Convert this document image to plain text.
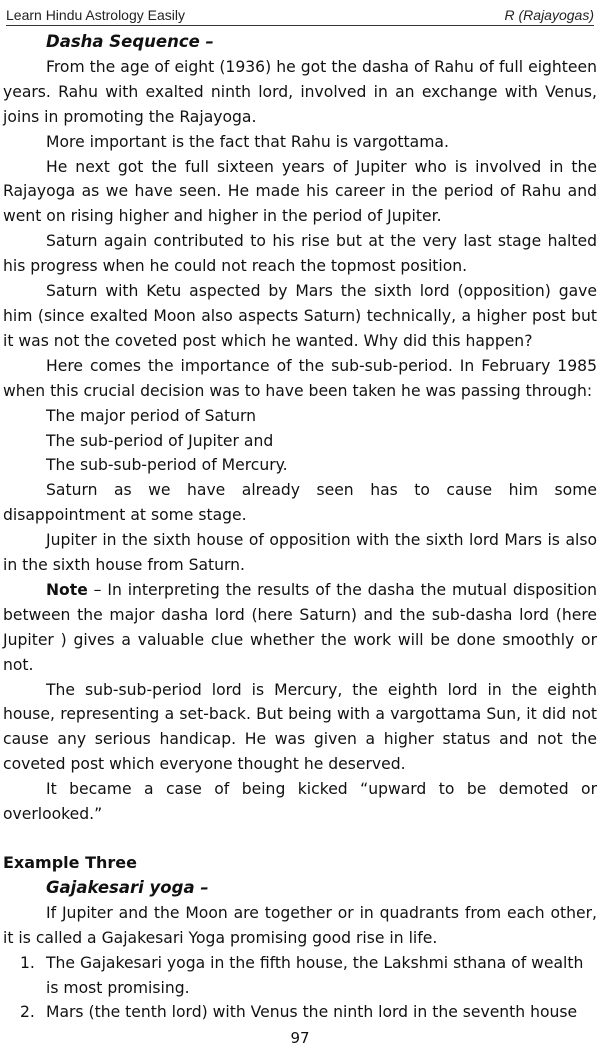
Learn Hindu Astrology Easily	R (Rajayogas)

Dasha Sequence –

From the age of eight (1936) he got the dasha of Rahu of full eighteen years. Rahu with exalted ninth lord, involved in an exchange with Venus, joins in promoting the Rajayoga.

More important is the fact that Rahu is vargottama.

He next got the full sixteen years of Jupiter who is involved in the Rajayoga as we have seen. He made his career in the period of Rahu and went on rising higher and higher in the period of Jupiter.

Saturn again contributed to his rise but at the very last stage halted his progress when he could not reach the topmost position.

Saturn with Ketu aspected by Mars the sixth lord (opposition) gave him (since exalted Moon also aspects Saturn) technically, a higher post but it was not the coveted post which he wanted. Why did this happen?

Here comes the importance of the sub-sub-period. In February 1985 when this crucial decision was to have been taken he was passing through:

The major period of Saturn

The sub-period of Jupiter and

The sub-sub-period of Mercury.

Saturn as we have already seen has to cause him some disappointment at some stage.

Jupiter in the sixth house of opposition with the sixth lord Mars is also in the sixth house from Saturn.

Note – In interpreting the results of the dasha the mutual disposition between the major dasha lord (here Saturn) and the sub-dasha lord (here Jupiter ) gives a valuable clue whether the work will be done smoothly or not.

The sub-sub-period lord is Mercury, the eighth lord in the eighth house, representing a set-back. But being with a vargottama Sun, it did not cause any serious handicap. He was given a higher status and not the coveted post which everyone thought he deserved.

It became a case of being kicked “upward to be demoted or overlooked.”

Example Three

Gajakesari yoga –

If Jupiter and the Moon are together or in quadrants from each other, it is called a Gajakesari Yoga promising good rise in life.

1. The Gajakesari yoga in the fifth house, the Lakshmi sthana of wealth is most promising.
2. Mars (the tenth lord) with Venus the ninth lord in the seventh house
97
